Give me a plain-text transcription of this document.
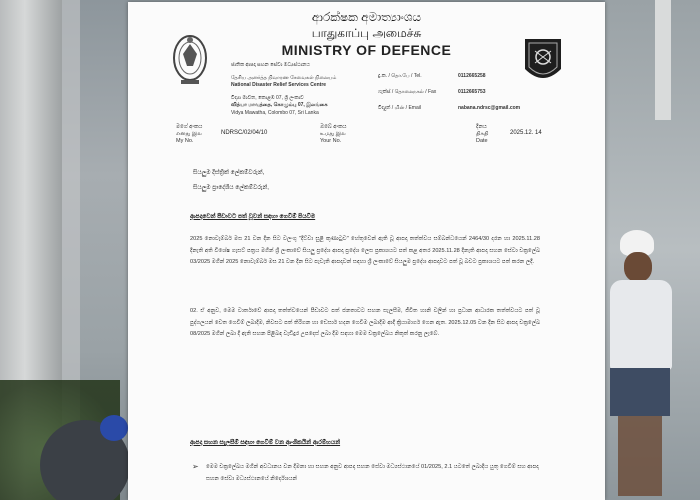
ආරක්ෂක අමාත්‍යාංශය
பாதுகாப்பு அமைச்சு
MINISTRY OF DEFENCE
ජාතික ආපදා සහන සේවා මධ්‍යස්ථානය
தேசிய அனர்த்த நிவாரண சேவைகள் நிலையம்
National Disaster Relief Services Centre
විද්‍යා මාවත, කොළඹ 07, ශ්‍රී ලංකාව
வித்யா மாவத்தை, கொழும்பு 07, இலங்கை
Vidya Mawatha, Colombo 07, Sri Lanka
දු.ක. / தொ.பே / Tel.	0112665258
ෆැක්ස් / தொலைநகல் / Fax	0112665753
විද්‍යුත් / மின் / Email	nabana.ndrsc@gmail.com
මගේ අංකය
எனது இல
My No.
NDRSC/02/04/10
ඔබේ අංකය
உமது இல
Your No.
දිනය
திகதி
Date
2025.12. 14
සියලුම දිස්ත්‍රික් ලේකම්වරුන්,
සියලුම ප්‍රාදේශීය ලේකම්වරුන්,
ආපදාවෙන් පීඩාවට පත් වූවන් සඳහා ගෙවීම් පියවීම
2025 නොවැම්බර් මස 21 වන දින සිට වලංගු "දිට්වා සුළි කුණාටුව" හේතුවෙන් ඇති වූ ආපදා තත්ත්වය සම්බන්ධයෙන් 2464/30 දරන හා 2025.11.28 දිනැති අති විශේෂ ගැසට් පත්‍රය මගින් ශ්‍රී ලංකාවේ සියලු ප්‍රදේශ ආපදා ප්‍රදේශ ලෙස ප්‍රකාශයට පත් කළ අතර 2025.11.28 දිනැති ආපදා සහන සේවා චක්‍රලේඛ 03/2025 මගින් 2025 නොවැම්බර් මස 21 වන දින සිට පැවැති ආපදාවන් සඳහා ශ්‍රී ලංකාවේ සියලුම ප්‍රදේශ ආපදාවට පත් වූ බවට ප්‍රකාශයට පත් කරන ලදී.
02. ඒ අනුව, මෙම වාර්තාවේ ආපදා තත්ත්වයෙන් පීඩාවට පත් ජනතාවට සහන සැලසීම, ජීවිත හානි වලින් හා ප්‍රධාන ආධාරක තත්ත්වයට පත් වූ පුද්ගලයන් වෙත ගෙවීම් ලබාදීම, නිවසට පත් තිරිගන හා ඩෙසාර් හදන ගෙවීම ලබාදීම ආදී ක්‍රියාමාර්ග ගෙන ඇත. 2025.12.05 වන දින සිට ආපදා චක්‍රලේඛ 08/2025 මගින් ලබා දී ඇති සහන පිළිබඳ වැඩිදුර උපදෙස් ලබා දීම සඳහා මෙම චක්‍රලේඛය නිකුත් කරනු ලැබේ.
ආපදා සහන සැලසීම් සඳහා ගෙවීම් වන ආංශිකයින් ආරම්භයන්
➢ මෙම චක්‍රලේඛය මගින් අවධානය වන දීමනා හා සහන අනුව ආපදා සහන සේවා මධ්‍යස්ථානයේ 01/2025, 2.1 යටතේ ලබාදිය යුතු ගෙවීම් සහ ආපදා සහන සේවා මධ්‍යස්ථානයේ නිර්දේශයන්
